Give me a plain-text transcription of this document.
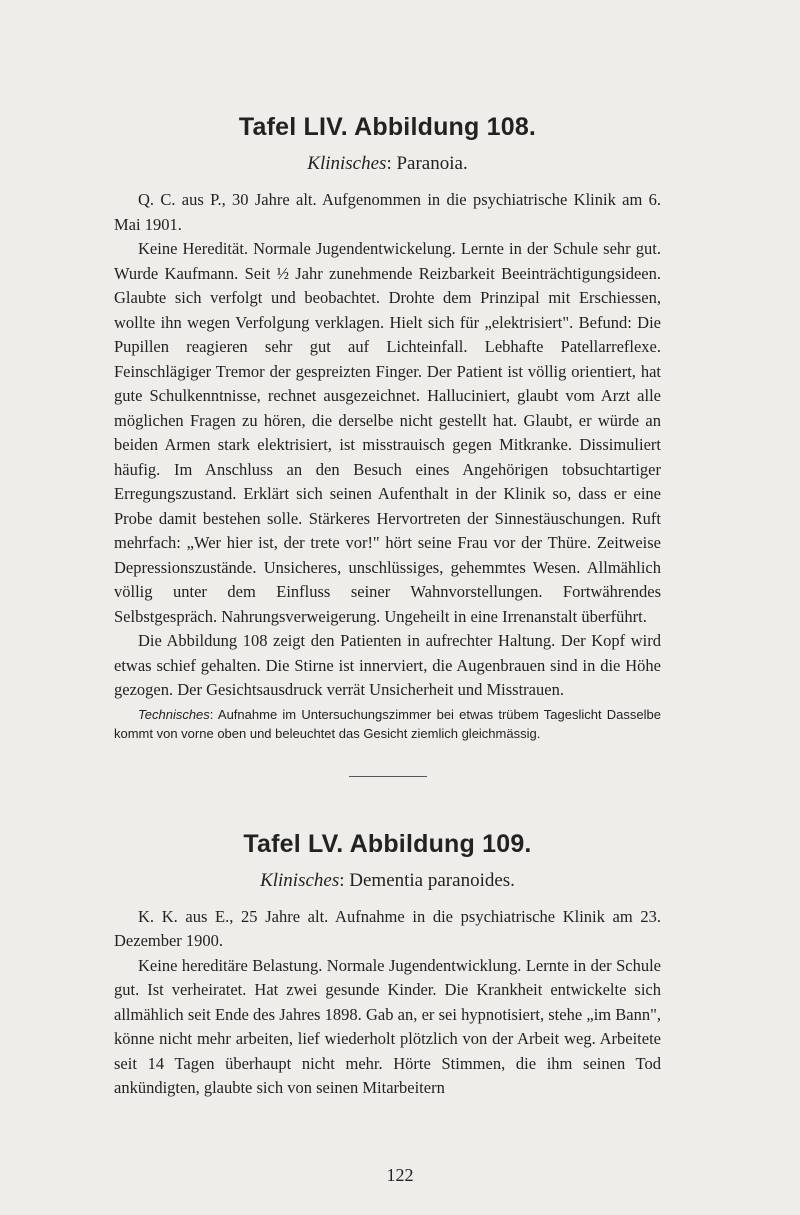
Tafel LIV. Abbildung 108.
Klinisches: Paranoia.

Q. C. aus P., 30 Jahre alt. Aufgenommen in die psychiatrische Klinik am 6. Mai 1901.

Keine Heredität. Normale Jugendentwickelung. Lernte in der Schule sehr gut. Wurde Kaufmann. Seit ½ Jahr zunehmende Reizbarkeit Beeinträchtigungsideen. Glaubte sich verfolgt und beobachtet. Drohte dem Prinzipal mit Erschiessen, wollte ihn wegen Verfolgung verklagen. Hielt sich für „elektrisiert". Befund: Die Pupillen reagieren sehr gut auf Lichteinfall. Lebhafte Patellarreflexe. Feinschlägiger Tremor der gespreizten Finger. Der Patient ist völlig orientiert, hat gute Schulkenntnisse, rechnet ausgezeichnet. Halluciniert, glaubt vom Arzt alle möglichen Fragen zu hören, die derselbe nicht gestellt hat. Glaubt, er würde an beiden Armen stark elektrisiert, ist misstrauisch gegen Mitkranke. Dissimuliert häufig. Im Anschluss an den Besuch eines Angehörigen tobsuchtartiger Erregungszustand. Erklärt sich seinen Aufenthalt in der Klinik so, dass er eine Probe damit bestehen solle. Stärkeres Hervortreten der Sinnestäuschungen. Ruft mehrfach: „Wer hier ist, der trete vor!" hört seine Frau vor der Thüre. Zeitweise Depressionszustände. Unsicheres, unschlüssiges, gehemmtes Wesen. Allmählich völlig unter dem Einfluss seiner Wahnvorstellungen. Fortwährendes Selbstgespräch. Nahrungsverweigerung. Ungeheilt in eine Irrenanstalt überführt.

Die Abbildung 108 zeigt den Patienten in aufrechter Haltung. Der Kopf wird etwas schief gehalten. Die Stirne ist innerviert, die Augenbrauen sind in die Höhe gezogen. Der Gesichtsausdruck verrät Unsicherheit und Misstrauen.

Technisches: Aufnahme im Untersuchungszimmer bei etwas trübem Tageslicht Dasselbe kommt von vorne oben und beleuchtet das Gesicht ziemlich gleichmässig.
Tafel LV. Abbildung 109.
Klinisches: Dementia paranoides.

K. K. aus E., 25 Jahre alt. Aufnahme in die psychiatrische Klinik am 23. Dezember 1900.

Keine hereditäre Belastung. Normale Jugendentwicklung. Lernte in der Schule gut. Ist verheiratet. Hat zwei gesunde Kinder. Die Krankheit entwickelte sich allmählich seit Ende des Jahres 1898. Gab an, er sei hypnotisiert, stehe „im Bann", könne nicht mehr arbeiten, lief wiederholt plötzlich von der Arbeit weg. Arbeitete seit 14 Tagen überhaupt nicht mehr. Hörte Stimmen, die ihm seinen Tod ankündigten, glaubte sich von seinen Mitarbeitern

122
